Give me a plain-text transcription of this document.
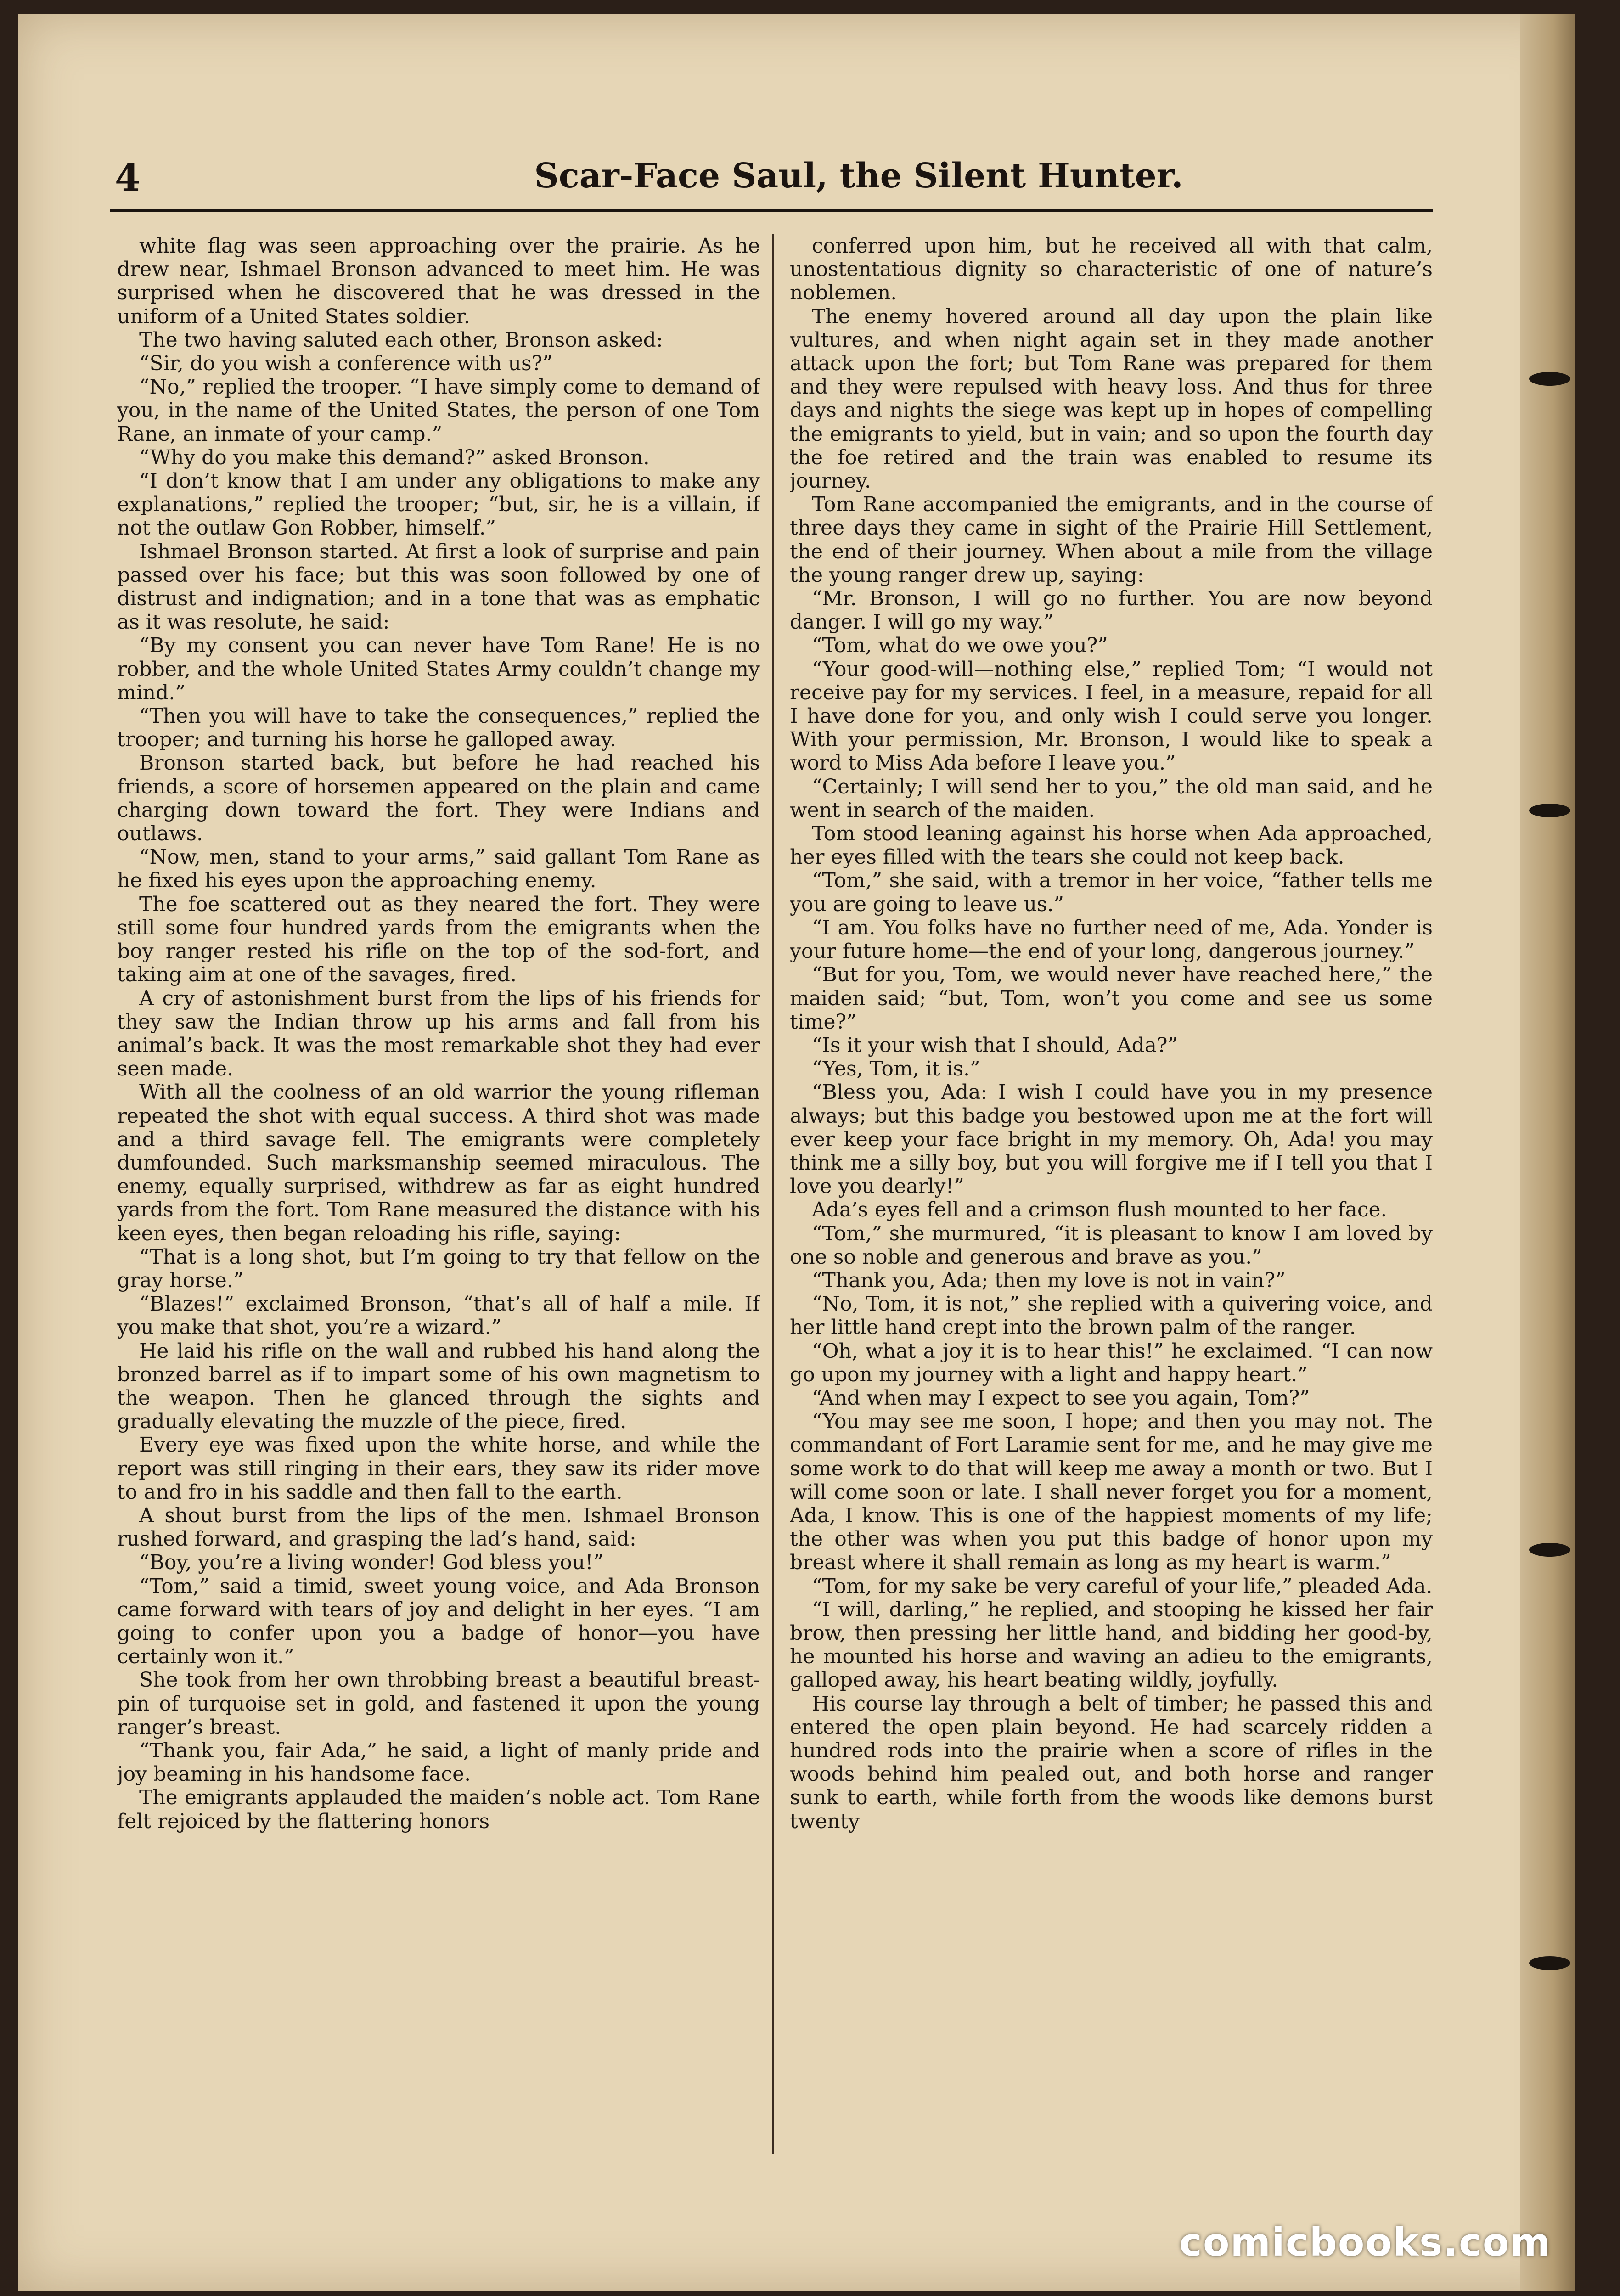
4	Scar-Face Saul, the Silent Hunter.

white flag was seen approaching over the prairie. As he drew near, Ishmael Bronson advanced to meet him. He was surprised when he discovered that he was dressed in the uniform of a United States soldier.

The two having saluted each other, Bronson asked:

“Sir, do you wish a conference with us?”

“No,” replied the trooper. “I have simply come to demand of you, in the name of the United States, the person of one Tom Rane, an inmate of your camp.”

“Why do you make this demand?” asked Bronson.

“I don’t know that I am under any obligations to make any explanations,” replied the trooper; “but, sir, he is a villain, if not the outlaw Gon Robber, himself.”

Ishmael Bronson started. At first a look of surprise and pain passed over his face; but this was soon followed by one of distrust and indignation; and in a tone that was as emphatic as it was resolute, he said:

“By my consent you can never have Tom Rane! He is no robber, and the whole United States Army couldn’t change my mind.”

“Then you will have to take the consequences,” replied the trooper; and turning his horse he galloped away.

Bronson started back, but before he had reached his friends, a score of horsemen appeared on the plain and came charging down toward the fort. They were Indians and outlaws.

“Now, men, stand to your arms,” said gallant Tom Rane as he fixed his eyes upon the approaching enemy.

The foe scattered out as they neared the fort. They were still some four hundred yards from the emigrants when the boy ranger rested his rifle on the top of the sod-fort, and taking aim at one of the savages, fired.

A cry of astonishment burst from the lips of his friends for they saw the Indian throw up his arms and fall from his animal’s back. It was the most remarkable shot they had ever seen made.

With all the coolness of an old warrior the young rifleman repeated the shot with equal success. A third shot was made and a third savage fell. The emigrants were completely dumfounded. Such marksmanship seemed miraculous. The enemy, equally surprised, withdrew as far as eight hundred yards from the fort. Tom Rane measured the distance with his keen eyes, then began reloading his rifle, saying:

“That is a long shot, but I’m going to try that fellow on the gray horse.”

“Blazes!” exclaimed Bronson, “that’s all of half a mile. If you make that shot, you’re a wizard.”

He laid his rifle on the wall and rubbed his hand along the bronzed barrel as if to impart some of his own magnetism to the weapon. Then he glanced through the sights and gradually elevating the muzzle of the piece, fired.

Every eye was fixed upon the white horse, and while the report was still ringing in their ears, they saw its rider move to and fro in his saddle and then fall to the earth.

A shout burst from the lips of the men. Ishmael Bronson rushed forward, and grasping the lad’s hand, said:

“Boy, you’re a living wonder! God bless you!”

“Tom,” said a timid, sweet young voice, and Ada Bronson came forward with tears of joy and delight in her eyes. “I am going to confer upon you a badge of honor—you have certainly won it.”

She took from her own throbbing breast a beautiful breast-pin of turquoise set in gold, and fastened it upon the young ranger’s breast.

“Thank you, fair Ada,” he said, a light of manly pride and joy beaming in his handsome face.

The emigrants applauded the maiden’s noble act. Tom Rane felt rejoiced by the flattering honors

conferred upon him, but he received all with that calm, unostentatious dignity so characteristic of one of nature’s noblemen.

The enemy hovered around all day upon the plain like vultures, and when night again set in they made another attack upon the fort; but Tom Rane was prepared for them and they were repulsed with heavy loss. And thus for three days and nights the siege was kept up in hopes of compelling the emigrants to yield, but in vain; and so upon the fourth day the foe retired and the train was enabled to resume its journey.

Tom Rane accompanied the emigrants, and in the course of three days they came in sight of the Prairie Hill Settlement, the end of their journey. When about a mile from the village the young ranger drew up, saying:

“Mr. Bronson, I will go no further. You are now beyond danger. I will go my way.”

“Tom, what do we owe you?”

“Your good-will—nothing else,” replied Tom; “I would not receive pay for my services. I feel, in a measure, repaid for all I have done for you, and only wish I could serve you longer. With your permission, Mr. Bronson, I would like to speak a word to Miss Ada before I leave you.”

“Certainly; I will send her to you,” the old man said, and he went in search of the maiden.

Tom stood leaning against his horse when Ada approached, her eyes filled with the tears she could not keep back.

“Tom,” she said, with a tremor in her voice, “father tells me you are going to leave us.”

“I am. You folks have no further need of me, Ada. Yonder is your future home—the end of your long, dangerous journey.”

“But for you, Tom, we would never have reached here,” the maiden said; “but, Tom, won’t you come and see us some time?”

“Is it your wish that I should, Ada?”

“Yes, Tom, it is.”

“Bless you, Ada: I wish I could have you in my presence always; but this badge you bestowed upon me at the fort will ever keep your face bright in my memory. Oh, Ada! you may think me a silly boy, but you will forgive me if I tell you that I love you dearly!”

Ada’s eyes fell and a crimson flush mounted to her face.

“Tom,” she murmured, “it is pleasant to know I am loved by one so noble and generous and brave as you.”

“Thank you, Ada; then my love is not in vain?”

“No, Tom, it is not,” she replied with a quivering voice, and her little hand crept into the brown palm of the ranger.

“Oh, what a joy it is to hear this!” he exclaimed. “I can now go upon my journey with a light and happy heart.”

“And when may I expect to see you again, Tom?”

“You may see me soon, I hope; and then you may not. The commandant of Fort Laramie sent for me, and he may give me some work to do that will keep me away a month or two. But I will come soon or late. I shall never forget you for a moment, Ada, I know. This is one of the happiest moments of my life; the other was when you put this badge of honor upon my breast where it shall remain as long as my heart is warm.”

“Tom, for my sake be very careful of your life,” pleaded Ada.

“I will, darling,” he replied, and stooping he kissed her fair brow, then pressing her little hand, and bidding her good-by, he mounted his horse and waving an adieu to the emigrants, galloped away, his heart beating wildly, joyfully.

His course lay through a belt of timber; he passed this and entered the open plain beyond. He had scarcely ridden a hundred rods into the prairie when a score of rifles in the woods behind him pealed out, and both horse and ranger sunk to earth, while forth from the woods like demons burst twenty

comicbooks.com
